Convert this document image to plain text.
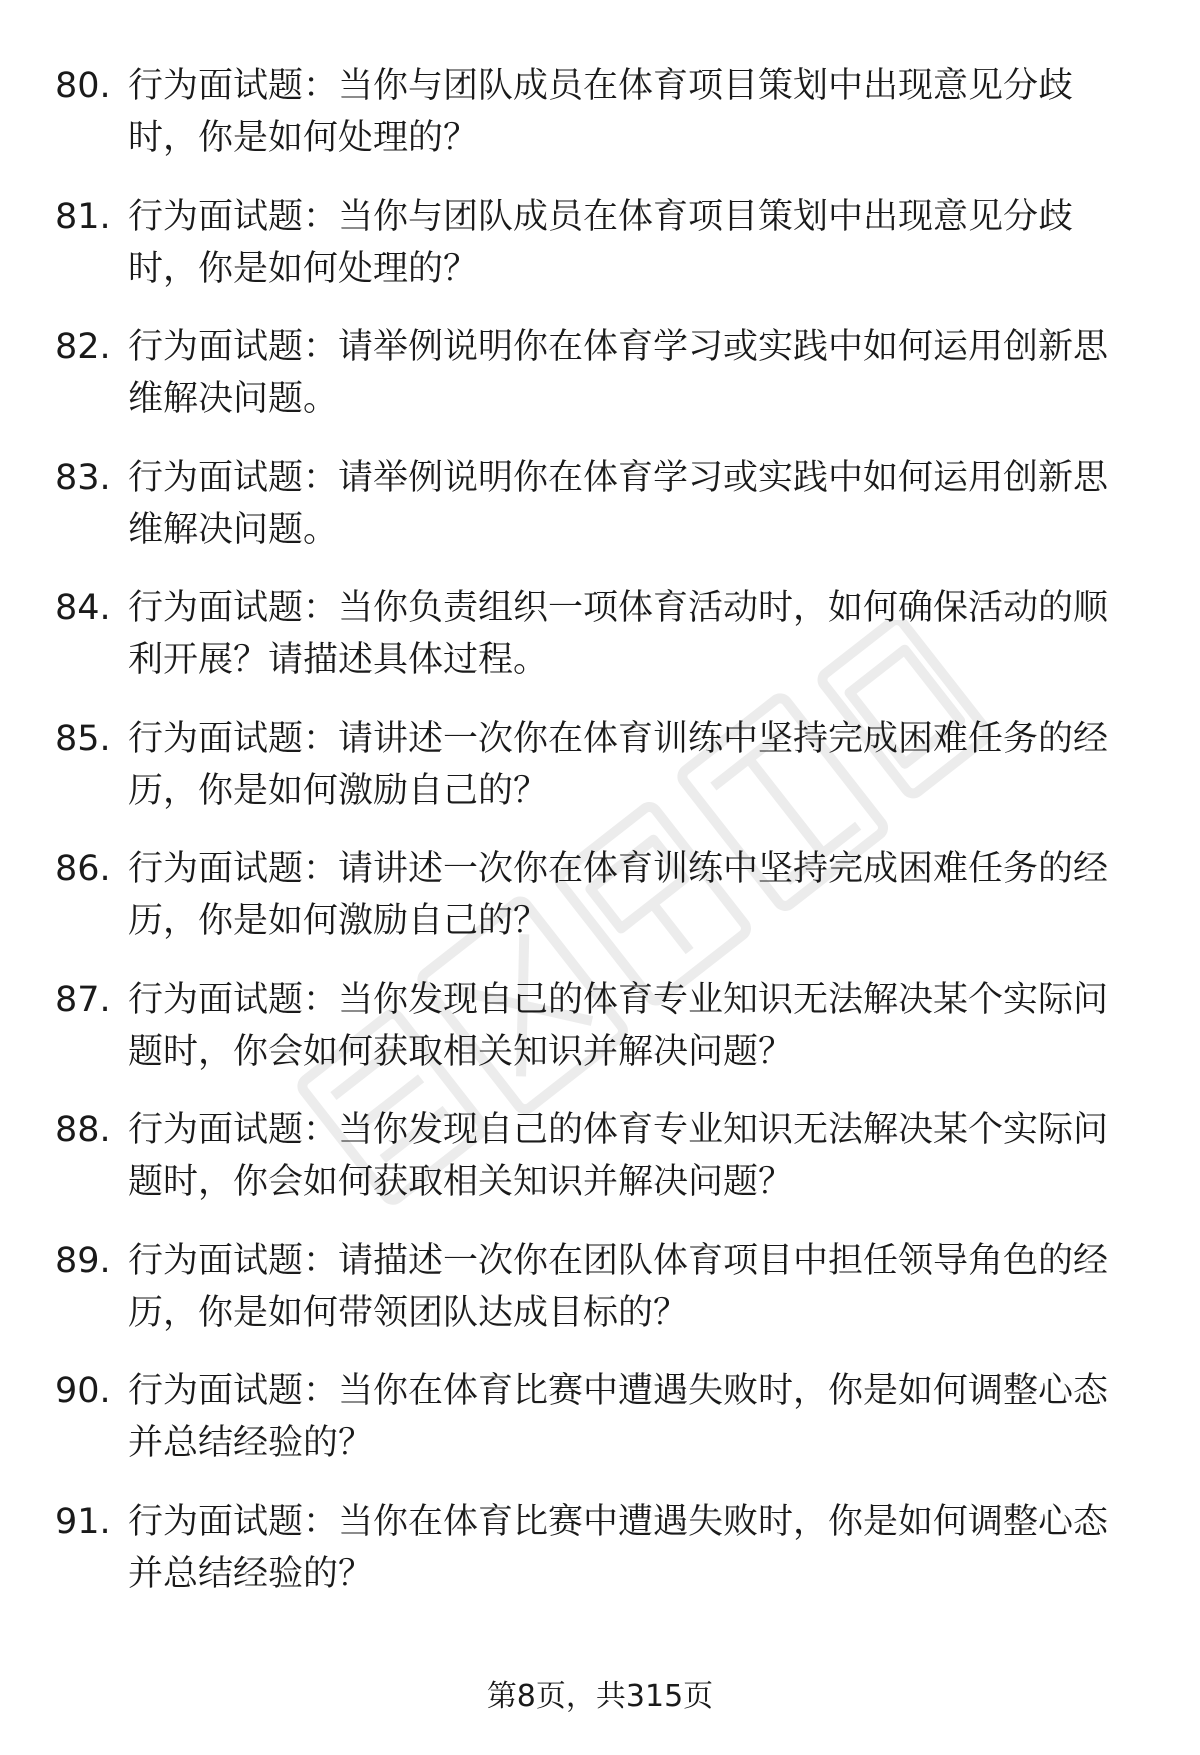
80. 行为面试题：当你与团队成员在体育项目策划中出现意见分歧时，你是如何处理的？
81. 行为面试题：当你与团队成员在体育项目策划中出现意见分歧时，你是如何处理的？
82. 行为面试题：请举例说明你在体育学习或实践中如何运用创新思维解决问题。
83. 行为面试题：请举例说明你在体育学习或实践中如何运用创新思维解决问题。
84. 行为面试题：当你负责组织一项体育活动时，如何确保活动的顺利开展？请描述具体过程。
85. 行为面试题：请讲述一次你在体育训练中坚持完成困难任务的经历，你是如何激励自己的？
86. 行为面试题：请讲述一次你在体育训练中坚持完成困难任务的经历，你是如何激励自己的？
87. 行为面试题：当你发现自己的体育专业知识无法解决某个实际问题时，你会如何获取相关知识并解决问题？
88. 行为面试题：当你发现自己的体育专业知识无法解决某个实际问题时，你会如何获取相关知识并解决问题？
89. 行为面试题：请描述一次你在团队体育项目中担任领导角色的经历，你是如何带领团队达成目标的？
90. 行为面试题：当你在体育比赛中遭遇失败时，你是如何调整心态并总结经验的？
91. 行为面试题：当你在体育比赛中遭遇失败时，你是如何调整心态并总结经验的？
第8页，共315页
